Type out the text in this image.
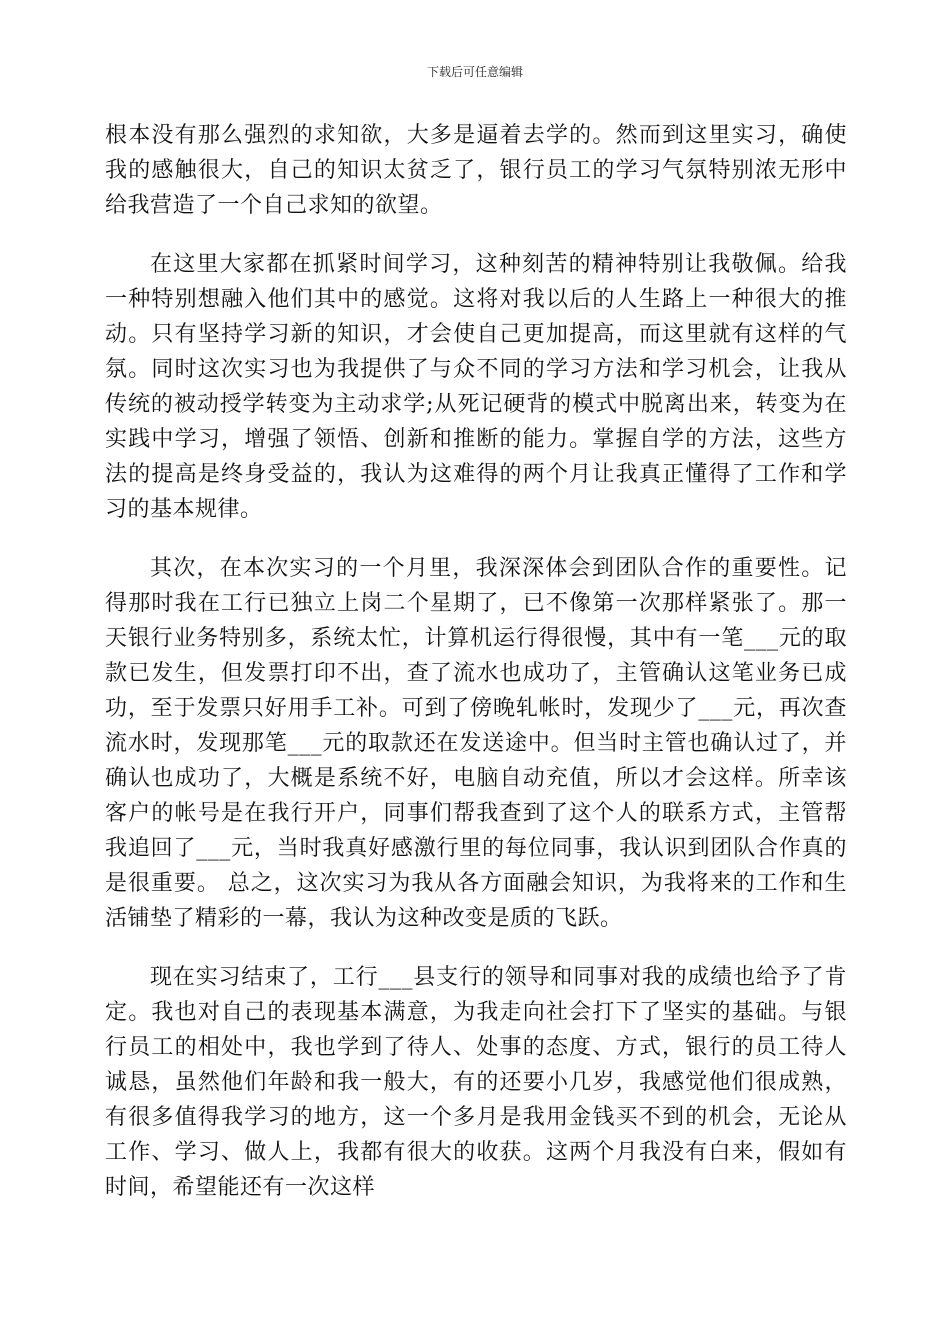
下载后可任意编辑

根本没有那么强烈的求知欲，大多是逼着去学的。然而到这里实习，确使我的感触很大，自己的知识太贫乏了，银行员工的学习气氛特别浓无形中给我营造了一个自己求知的欲望。

在这里大家都在抓紧时间学习，这种刻苦的精神特别让我敬佩。给我一种特别想融入他们其中的感觉。这将对我以后的人生路上一种很大的推动。只有坚持学习新的知识，才会使自己更加提高，而这里就有这样的气氛。同时这次实习也为我提供了与众不同的学习方法和学习机会，让我从传统的被动授学转变为主动求学;从死记硬背的模式中脱离出来，转变为在实践中学习，增强了领悟、创新和推断的能力。掌握自学的方法，这些方法的提高是终身受益的，我认为这难得的两个月让我真正懂得了工作和学习的基本规律。

其次，在本次实习的一个月里，我深深体会到团队合作的重要性。记得那时我在工行已独立上岗二个星期了，已不像第一次那样紧张了。那一天银行业务特别多，系统太忙，计算机运行得很慢，其中有一笔___元的取款已发生，但发票打印不出，查了流水也成功了，主管确认这笔业务已成功，至于发票只好用手工补。可到了傍晚轧帐时，发现少了___元，再次查流水时，发现那笔___元的取款还在发送途中。但当时主管也确认过了，并确认也成功了，大概是系统不好，电脑自动充值，所以才会这样。所幸该客户的帐号是在我行开户，同事们帮我查到了这个人的联系方式，主管帮我追回了___元，当时我真好感激行里的每位同事，我认识到团队合作真的是很重要。 总之，这次实习为我从各方面融会知识，为我将来的工作和生活铺垫了精彩的一幕，我认为这种改变是质的飞跃。

现在实习结束了，工行___县支行的领导和同事对我的成绩也给予了肯定。我也对自己的表现基本满意，为我走向社会打下了坚实的基础。与银行员工的相处中，我也学到了待人、处事的态度、方式，银行的员工待人诚恳，虽然他们年龄和我一般大，有的还要小几岁，我感觉他们很成熟，有很多值得我学习的地方，这一个多月是我用金钱买不到的机会，无论从工作、学习、做人上，我都有很大的收获。这两个月我没有白来，假如有时间，希望能还有一次这样
